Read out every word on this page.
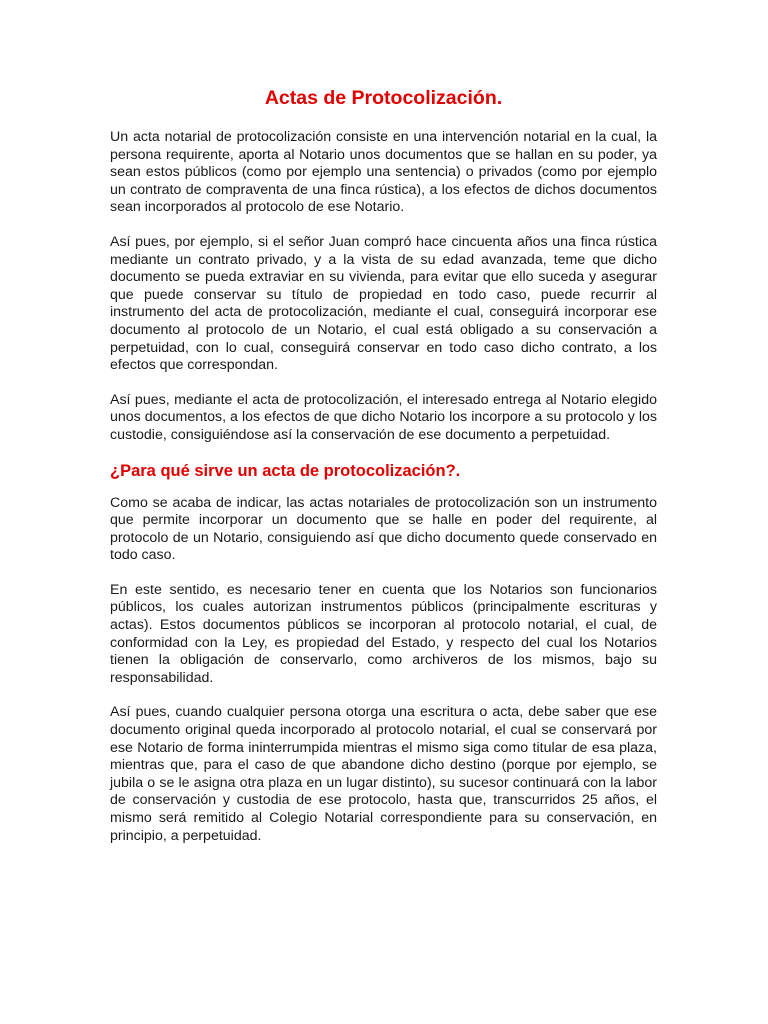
Actas de Protocolización.

Un acta notarial de protocolización consiste en una intervención notarial en la cual, la persona requirente, aporta al Notario unos documentos que se hallan en su poder, ya sean estos públicos (como por ejemplo una sentencia) o privados (como por ejemplo un contrato de compraventa de una finca rústica), a los efectos de dichos documentos sean incorporados al protocolo de ese Notario.

Así pues, por ejemplo, si el señor Juan compró hace cincuenta años una finca rústica mediante un contrato privado, y a la vista de su edad avanzada, teme que dicho documento se pueda extraviar en su vivienda, para evitar que ello suceda y asegurar que puede conservar su título de propiedad en todo caso, puede recurrir al instrumento del acta de protocolización, mediante el cual, conseguirá incorporar ese documento al protocolo de un Notario, el cual está obligado a su conservación a perpetuidad, con lo cual, conseguirá conservar en todo caso dicho contrato, a los efectos que correspondan.

Así pues, mediante el acta de protocolización, el interesado entrega al Notario elegido unos documentos, a los efectos de que dicho Notario los incorpore a su protocolo y los custodie, consiguiéndose así la conservación de ese documento a perpetuidad.

¿Para qué sirve un acta de protocolización?.

Como se acaba de indicar, las actas notariales de protocolización son un instrumento que permite incorporar un documento que se halle en poder del requirente, al protocolo de un Notario, consiguiendo así que dicho documento quede conservado en todo caso.

En este sentido, es necesario tener en cuenta que los Notarios son funcionarios públicos, los cuales autorizan instrumentos públicos (principalmente escrituras y actas). Estos documentos públicos se incorporan al protocolo notarial, el cual, de conformidad con la Ley, es propiedad del Estado, y respecto del cual los Notarios tienen la obligación de conservarlo, como archiveros de los mismos, bajo su responsabilidad.

Así pues, cuando cualquier persona otorga una escritura o acta, debe saber que ese documento original queda incorporado al protocolo notarial, el cual se conservará por ese Notario de forma ininterrumpida mientras el mismo siga como titular de esa plaza, mientras que, para el caso de que abandone dicho destino (porque por ejemplo, se jubila o se le asigna otra plaza en un lugar distinto), su sucesor continuará con la labor de conservación y custodia de ese protocolo, hasta que, transcurridos 25 años, el mismo será remitido al Colegio Notarial correspondiente para su conservación, en principio, a perpetuidad.
